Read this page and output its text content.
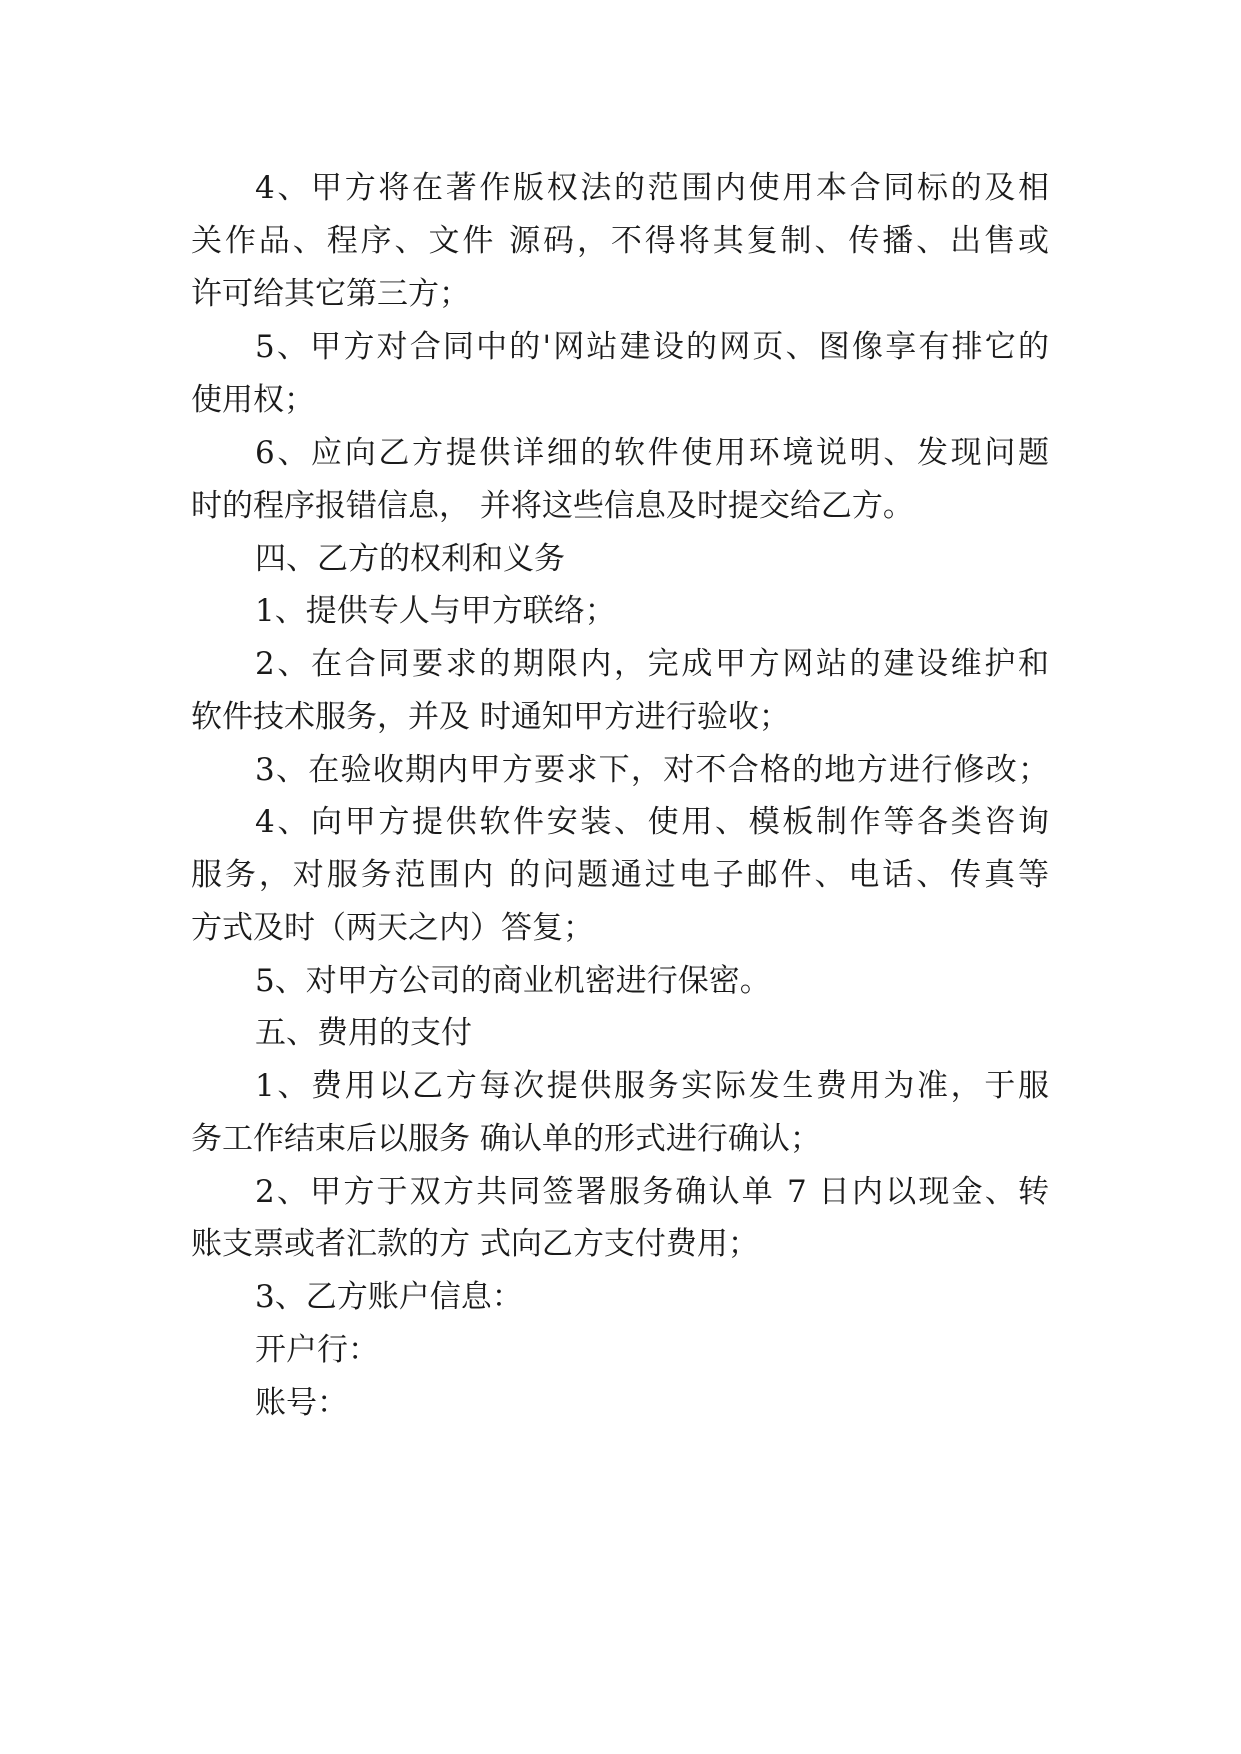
4、甲方将在著作版权法的范围内使用本合同标的及相
关作品、程序、文件 源码，不得将其复制、传播、出售或
许可给其它第三方；
5、甲方对合同中的'网站建设的网页、图像享有排它的
使用权；
6、应向乙方提供详细的软件使用环境说明、发现问题
时的程序报错信息， 并将这些信息及时提交给乙方。
四、乙方的权利和义务
1、提供专人与甲方联络；
2、在合同要求的期限内，完成甲方网站的建设维护和
软件技术服务，并及 时通知甲方进行验收；
3、在验收期内甲方要求下，对不合格的地方进行修改；
4、向甲方提供软件安装、使用、模板制作等各类咨询
服务，对服务范围内 的问题通过电子邮件、电话、传真等
方式及时（两天之内）答复；
5、对甲方公司的商业机密进行保密。
五、费用的支付
1、费用以乙方每次提供服务实际发生费用为准，于服
务工作结束后以服务 确认单的形式进行确认；
2、甲方于双方共同签署服务确认单 7 日内以现金、转
账支票或者汇款的方 式向乙方支付费用；
3、乙方账户信息：
开户行：
账号：
